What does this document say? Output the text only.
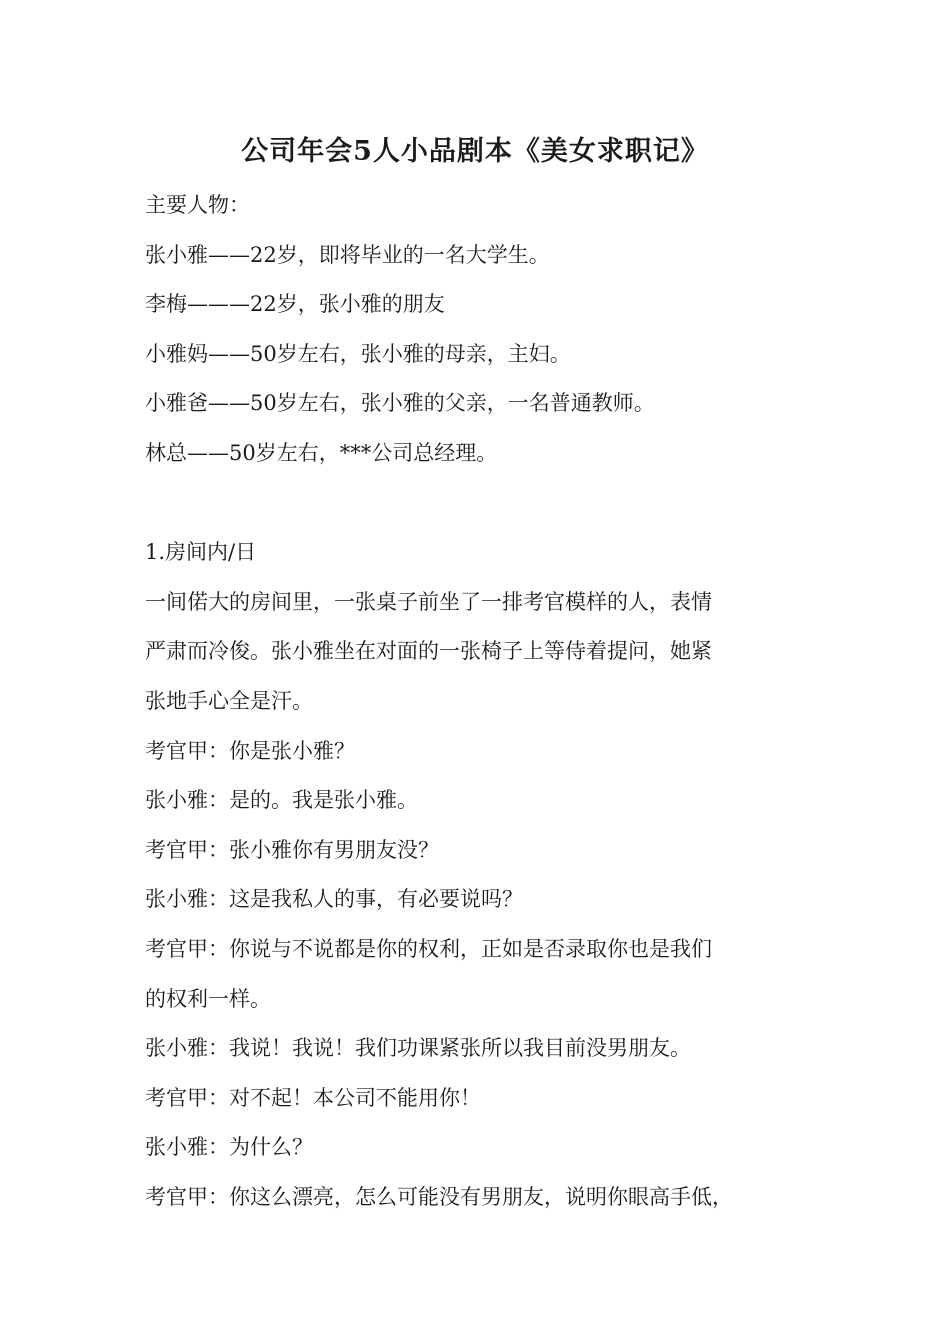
公司年会5人小品剧本《美女求职记》
主要人物：
张小雅——22岁，即将毕业的一名大学生。
李梅———22岁，张小雅的朋友
小雅妈——50岁左右，张小雅的母亲，主妇。
小雅爸——50岁左右，张小雅的父亲，一名普通教师。
林总——50岁左右，***公司总经理。
1.房间内/日
一间偌大的房间里，一张桌子前坐了一排考官模样的人，表情
严肃而冷俊。张小雅坐在对面的一张椅子上等侍着提问，她紧
张地手心全是汗。
考官甲：你是张小雅？
张小雅：是的。我是张小雅。
考官甲：张小雅你有男朋友没？
张小雅：这是我私人的事，有必要说吗？
考官甲：你说与不说都是你的权利，正如是否录取你也是我们
的权利一样。
张小雅：我说！我说！我们功课紧张所以我目前没男朋友。
考官甲：对不起！本公司不能用你！
张小雅：为什么？
考官甲：你这么漂亮，怎么可能没有男朋友，说明你眼高手低，
